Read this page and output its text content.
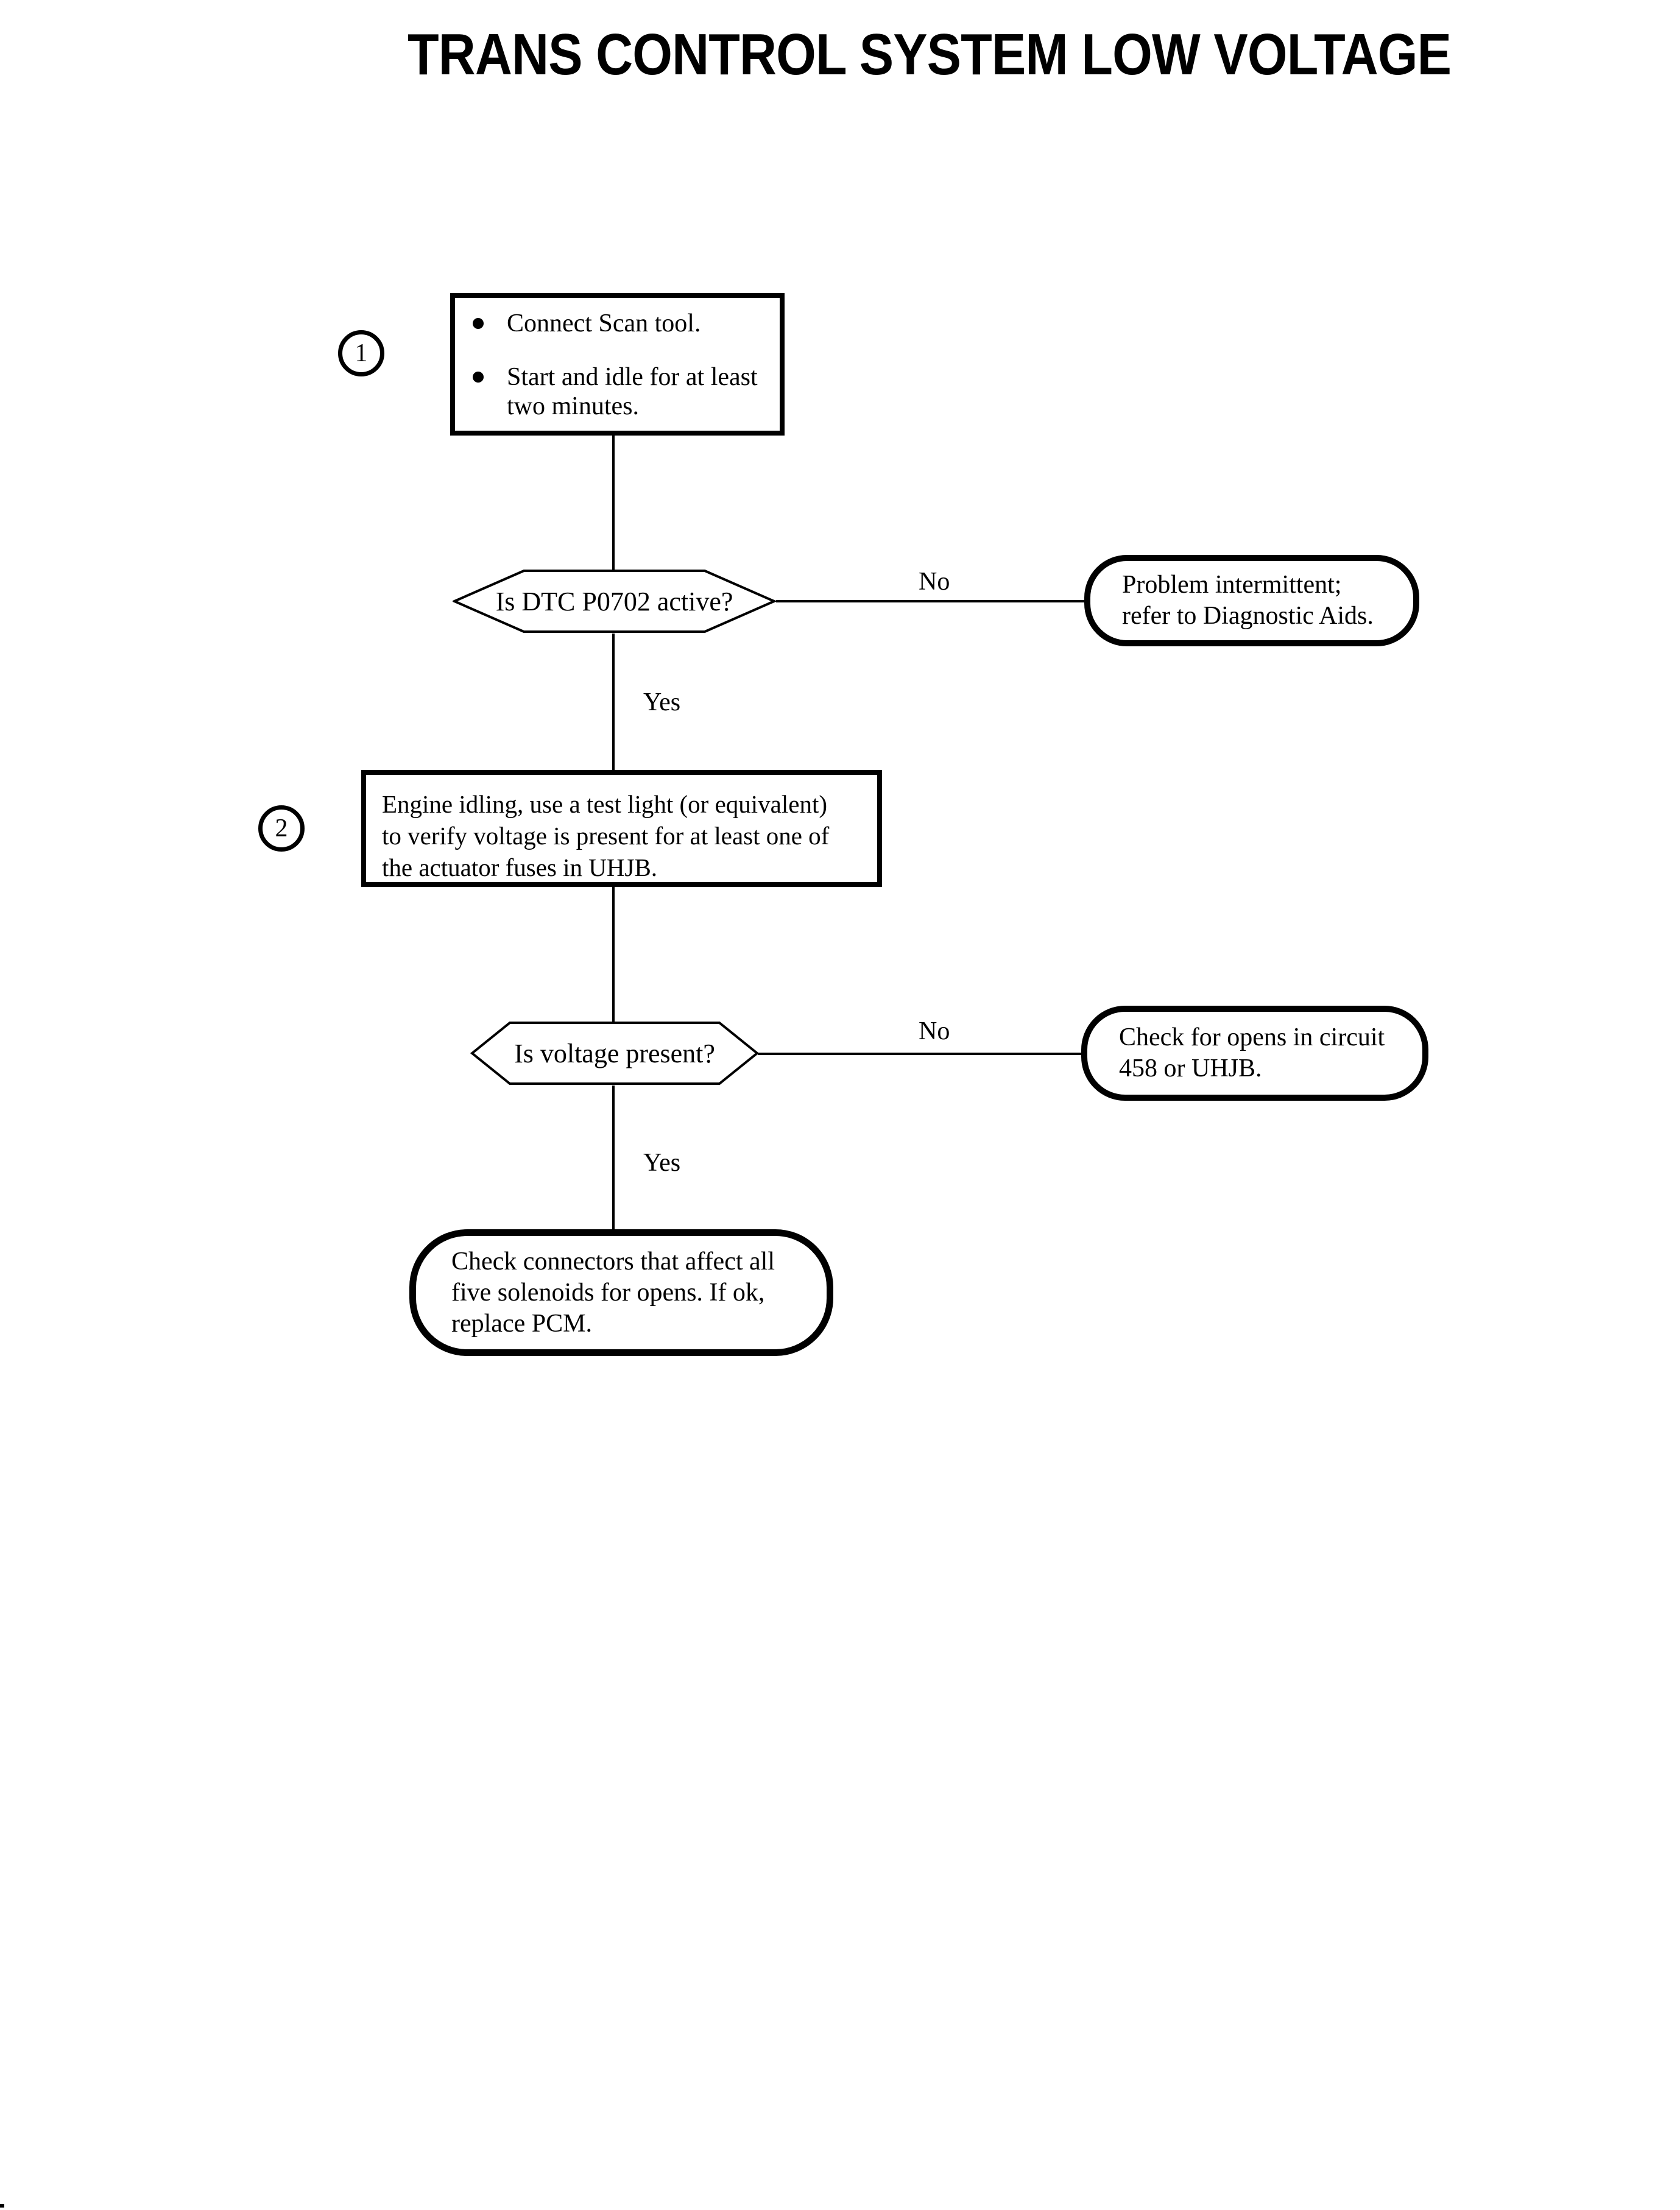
TRANS CONTROL SYSTEM LOW VOLTAGE
1
Connect Scan tool.
Start and idle for at least
two minutes.
Is DTC P0702 active?
No	Problem intermittent;
refer to Diagnostic Aids.
Yes
2
Engine idling, use a test light (or equivalent)
to verify voltage is present for at least one of
the actuator fuses in UHJB.
Is voltage present?
No	Check for opens in circuit
458 or UHJB.
Yes
Check connectors that affect all
five solenoids for opens. If ok,
replace PCM.
